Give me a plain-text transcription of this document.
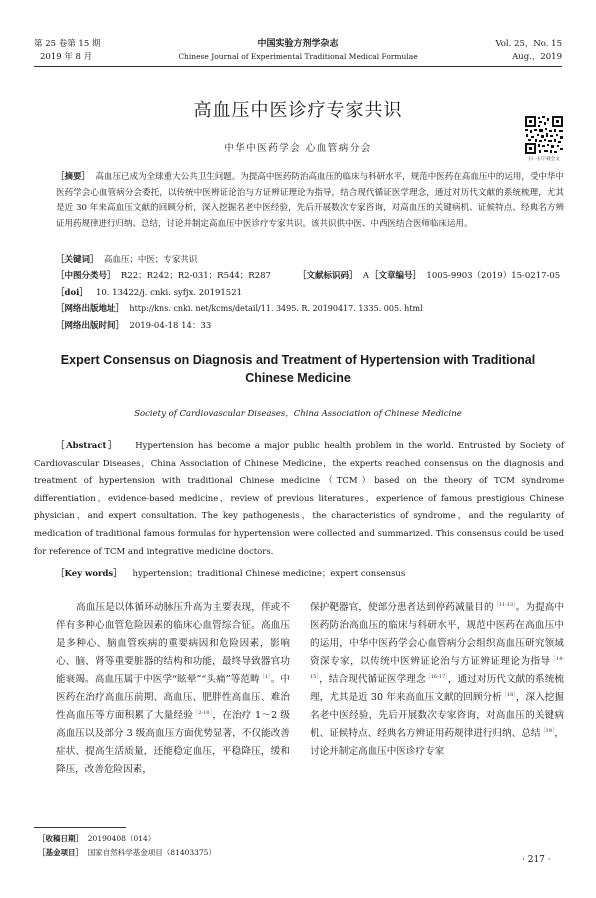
第 25 卷第 15 期
2019 年 8 月
中国实验方剂学杂志
Chinese Journal of Experimental Traditional Medical Formulae
Vol. 25，No. 15
Aug.，2019
高血压中医诊疗专家共识
中华中医药学会 心血管病分会
扫一扫下载全文
［摘要］ 高血压已成为全球重大公共卫生问题。为提高中医药防治高血压的临床与科研水平，规范中医药在高血压中的运用，受中华中医药学会心血管病分会委托，以传统中医辨证论治与方证辨证理论为指导，结合现代循证医学理念，通过对历代文献的系统梳理，尤其是近 30 年来高血压文献的回顾分析，深入挖掘名老中医经验，先后开展数次专家咨询，对高血压的关键病机、证候特点、经典名方辨证用药规律进行归纳、总结，讨论并制定高血压中医诊疗专家共识。该共识供中医、中西医结合医师临床运用。
［关键词］ 高血压；中医；专家共识
［中图分类号］ R22；R242；R2-031；R544；R287	［文献标识码］ A ［文章编号］ 1005-9903（2019）15-0217-05
［doi］ 10. 13422/j. cnki. syfjx. 20191521
［网络出版地址］ http://kns. cnki. net/kcms/detail/11. 3495. R. 20190417. 1335. 005. html
［网络出版时间］ 2019-04-18 14：33
Expert Consensus on Diagnosis and Treatment of Hypertension with Traditional Chinese Medicine
Society of Cardiovascular Diseases，China Association of Chinese Medicine
［Abstract］ Hypertension has become a major public health problem in the world. Entrusted by Society of Cardiovascular Diseases，China Association of Chinese Medicine，the experts reached consensus on the diagnosis and treatment of hypertension with traditional Chinese medicine（TCM）based on the theory of TCM syndrome differentiation，evidence-based medicine，review of previous literatures，experience of famous prestigious Chinese physician，and expert consultation. The key pathogenesis，the characteristics of syndrome，and the regularity of medication of traditional famous formulas for hypertension were collected and summarized. This consensus could be used for reference of TCM and integrative medicine doctors.
［Key words］ hypertension；traditional Chinese medicine；expert consensus
高血压是以体循环动脉压升高为主要表现，伴或不伴有多种心血管危险因素的临床心血管综合征。高血压是多种心、脑血管疾病的重要病因和危险因素，影响心、脑、肾等重要脏器的结构和功能，最终导致器官功能衰竭。高血压属于中医学“眩晕”“头痛”等范畴$^{[1]}$。中医药在治疗高血压前期、高血压、肥胖性高血压、难治性高血压等方面积累了大量经验$^{[2-10]}$，在治疗 1～2 级高血压以及部分 3 级高血压方面优势显著，不仅能改善症状、提高生活质量，还能稳定血压，平稳降压，缓和降压，改善危险因素，
保护靶器官，使部分患者达到停药减量目的$^{[11-13]}$。为提高中医药防治高血压的临床与科研水平，规范中医药在高血压中的运用，中华中医药学会心血管病分会组织高血压研究领域资深专家，以传统中医辨证论治与方证辨证理论为指导$^{[14-15]}$，结合现代循证医学理念$^{[16-17]}$，通过对历代文献的系统梳理，尤其是近 30 年来高血压文献的回顾分析$^{[18]}$，深入挖掘名老中医经验，先后开展数次专家咨询，对高血压的关键病机、证候特点、经典名方辨证用药规律进行归纳、总结$^{[19]}$，讨论并制定高血压中医诊疗专家
［收稿日期］ 20190408（014）
［基金项目］ 国家自然科学基金项目（81403375）
· 217 ·
